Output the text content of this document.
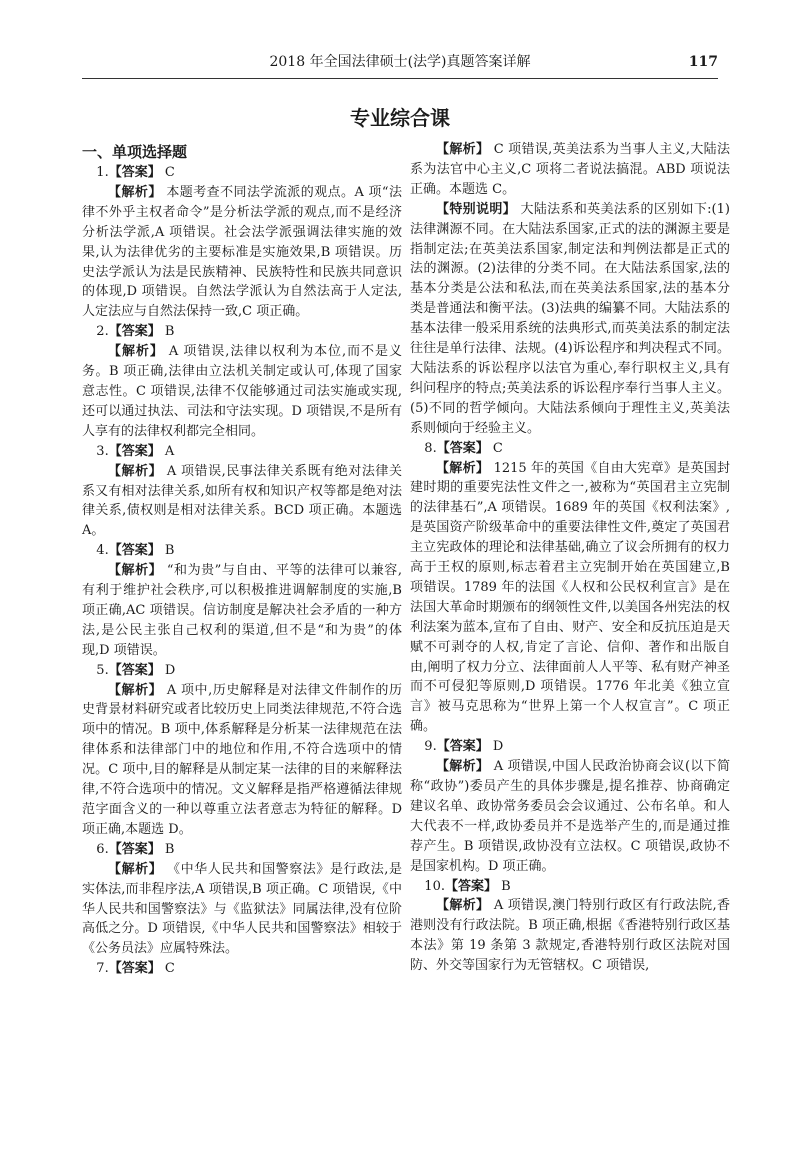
2018 年全国法律硕士(法学)真题答案详解	117
专业综合课
一、单项选择题

1.【答案】 C

【解析】 本题考查不同法学流派的观点。A 项“法律不外乎主权者命令”是分析法学派的观点,而不是经济分析法学派,A 项错误。社会法学派强调法律实施的效果,认为法律优劣的主要标准是实施效果,B 项错误。历史法学派认为法是民族精神、民族特性和民族共同意识的体现,D 项错误。自然法学派认为自然法高于人定法,人定法应与自然法保持一致,C 项正确。

2.【答案】 B

【解析】 A 项错误,法律以权利为本位,而不是义务。B 项正确,法律由立法机关制定或认可,体现了国家意志性。C 项错误,法律不仅能够通过司法实施或实现,还可以通过执法、司法和守法实现。D 项错误,不是所有人享有的法律权利都完全相同。

3.【答案】 A

【解析】 A 项错误,民事法律关系既有绝对法律关系又有相对法律关系,如所有权和知识产权等都是绝对法律关系,债权则是相对法律关系。BCD 项正确。本题选 A。

4.【答案】 B

【解析】 “和为贵”与自由、平等的法律可以兼容,有利于维护社会秩序,可以积极推进调解制度的实施,B 项正确,AC 项错误。信访制度是解决社会矛盾的一种方法,是公民主张自己权利的渠道,但不是“和为贵”的体现,D 项错误。

5.【答案】 D

【解析】 A 项中,历史解释是对法律文件制作的历史背景材料研究或者比较历史上同类法律规范,不符合选项中的情况。B 项中,体系解释是分析某一法律规范在法律体系和法律部门中的地位和作用,不符合选项中的情况。C 项中,目的解释是从制定某一法律的目的来解释法律,不符合选项中的情况。文义解释是指严格遵循法律规范字面含义的一种以尊重立法者意志为特征的解释。D 项正确,本题选 D。

6.【答案】 B

【解析】 《中华人民共和国警察法》是行政法,是实体法,而非程序法,A 项错误,B 项正确。C 项错误,《中华人民共和国警察法》与《监狱法》同属法律,没有位阶高低之分。D 项错误,《中华人民共和国警察法》相较于《公务员法》应属特殊法。

7.【答案】 C

【解析】 C 项错误,英美法系为当事人主义,大陆法系为法官中心主义,C 项将二者说法搞混。ABD 项说法正确。本题选 C。

【特别说明】 大陆法系和英美法系的区别如下:(1)法律渊源不同。在大陆法系国家,正式的法的渊源主要是指制定法;在英美法系国家,制定法和判例法都是正式的法的渊源。(2)法律的分类不同。在大陆法系国家,法的基本分类是公法和私法,而在英美法系国家,法的基本分类是普通法和衡平法。(3)法典的编纂不同。大陆法系的基本法律一般采用系统的法典形式,而英美法系的制定法往往是单行法律、法规。(4)诉讼程序和判决程式不同。大陆法系的诉讼程序以法官为重心,奉行职权主义,具有纠问程序的特点;英美法系的诉讼程序奉行当事人主义。(5)不同的哲学倾向。大陆法系倾向于理性主义,英美法系则倾向于经验主义。

8.【答案】 C

【解析】 1215 年的英国《自由大宪章》是英国封建时期的重要宪法性文件之一,被称为“英国君主立宪制的法律基石”,A 项错误。1689 年的英国《权利法案》,是英国资产阶级革命中的重要法律性文件,奠定了英国君主立宪政体的理论和法律基础,确立了议会所拥有的权力高于王权的原则,标志着君主立宪制开始在英国建立,B 项错误。1789 年的法国《人权和公民权利宣言》是在法国大革命时期颁布的纲领性文件,以美国各州宪法的权利法案为蓝本,宣布了自由、财产、安全和反抗压迫是天赋不可剥夺的人权,肯定了言论、信仰、著作和出版自由,阐明了权力分立、法律面前人人平等、私有财产神圣而不可侵犯等原则,D 项错误。1776 年北美《独立宣言》被马克思称为“世界上第一个人权宣言”。C 项正确。

9.【答案】 D

【解析】 A 项错误,中国人民政治协商会议(以下简称“政协”)委员产生的具体步骤是,提名推荐、协商确定建议名单、政协常务委员会会议通过、公布名单。和人大代表不一样,政协委员并不是选举产生的,而是通过推荐产生。B 项错误,政协没有立法权。C 项错误,政协不是国家机构。D 项正确。

10.【答案】 B

【解析】 A 项错误,澳门特别行政区有行政法院,香港则没有行政法院。B 项正确,根据《香港特别行政区基本法》第 19 条第 3 款规定,香港特别行政区法院对国防、外交等国家行为无管辖权。C 项错误,
